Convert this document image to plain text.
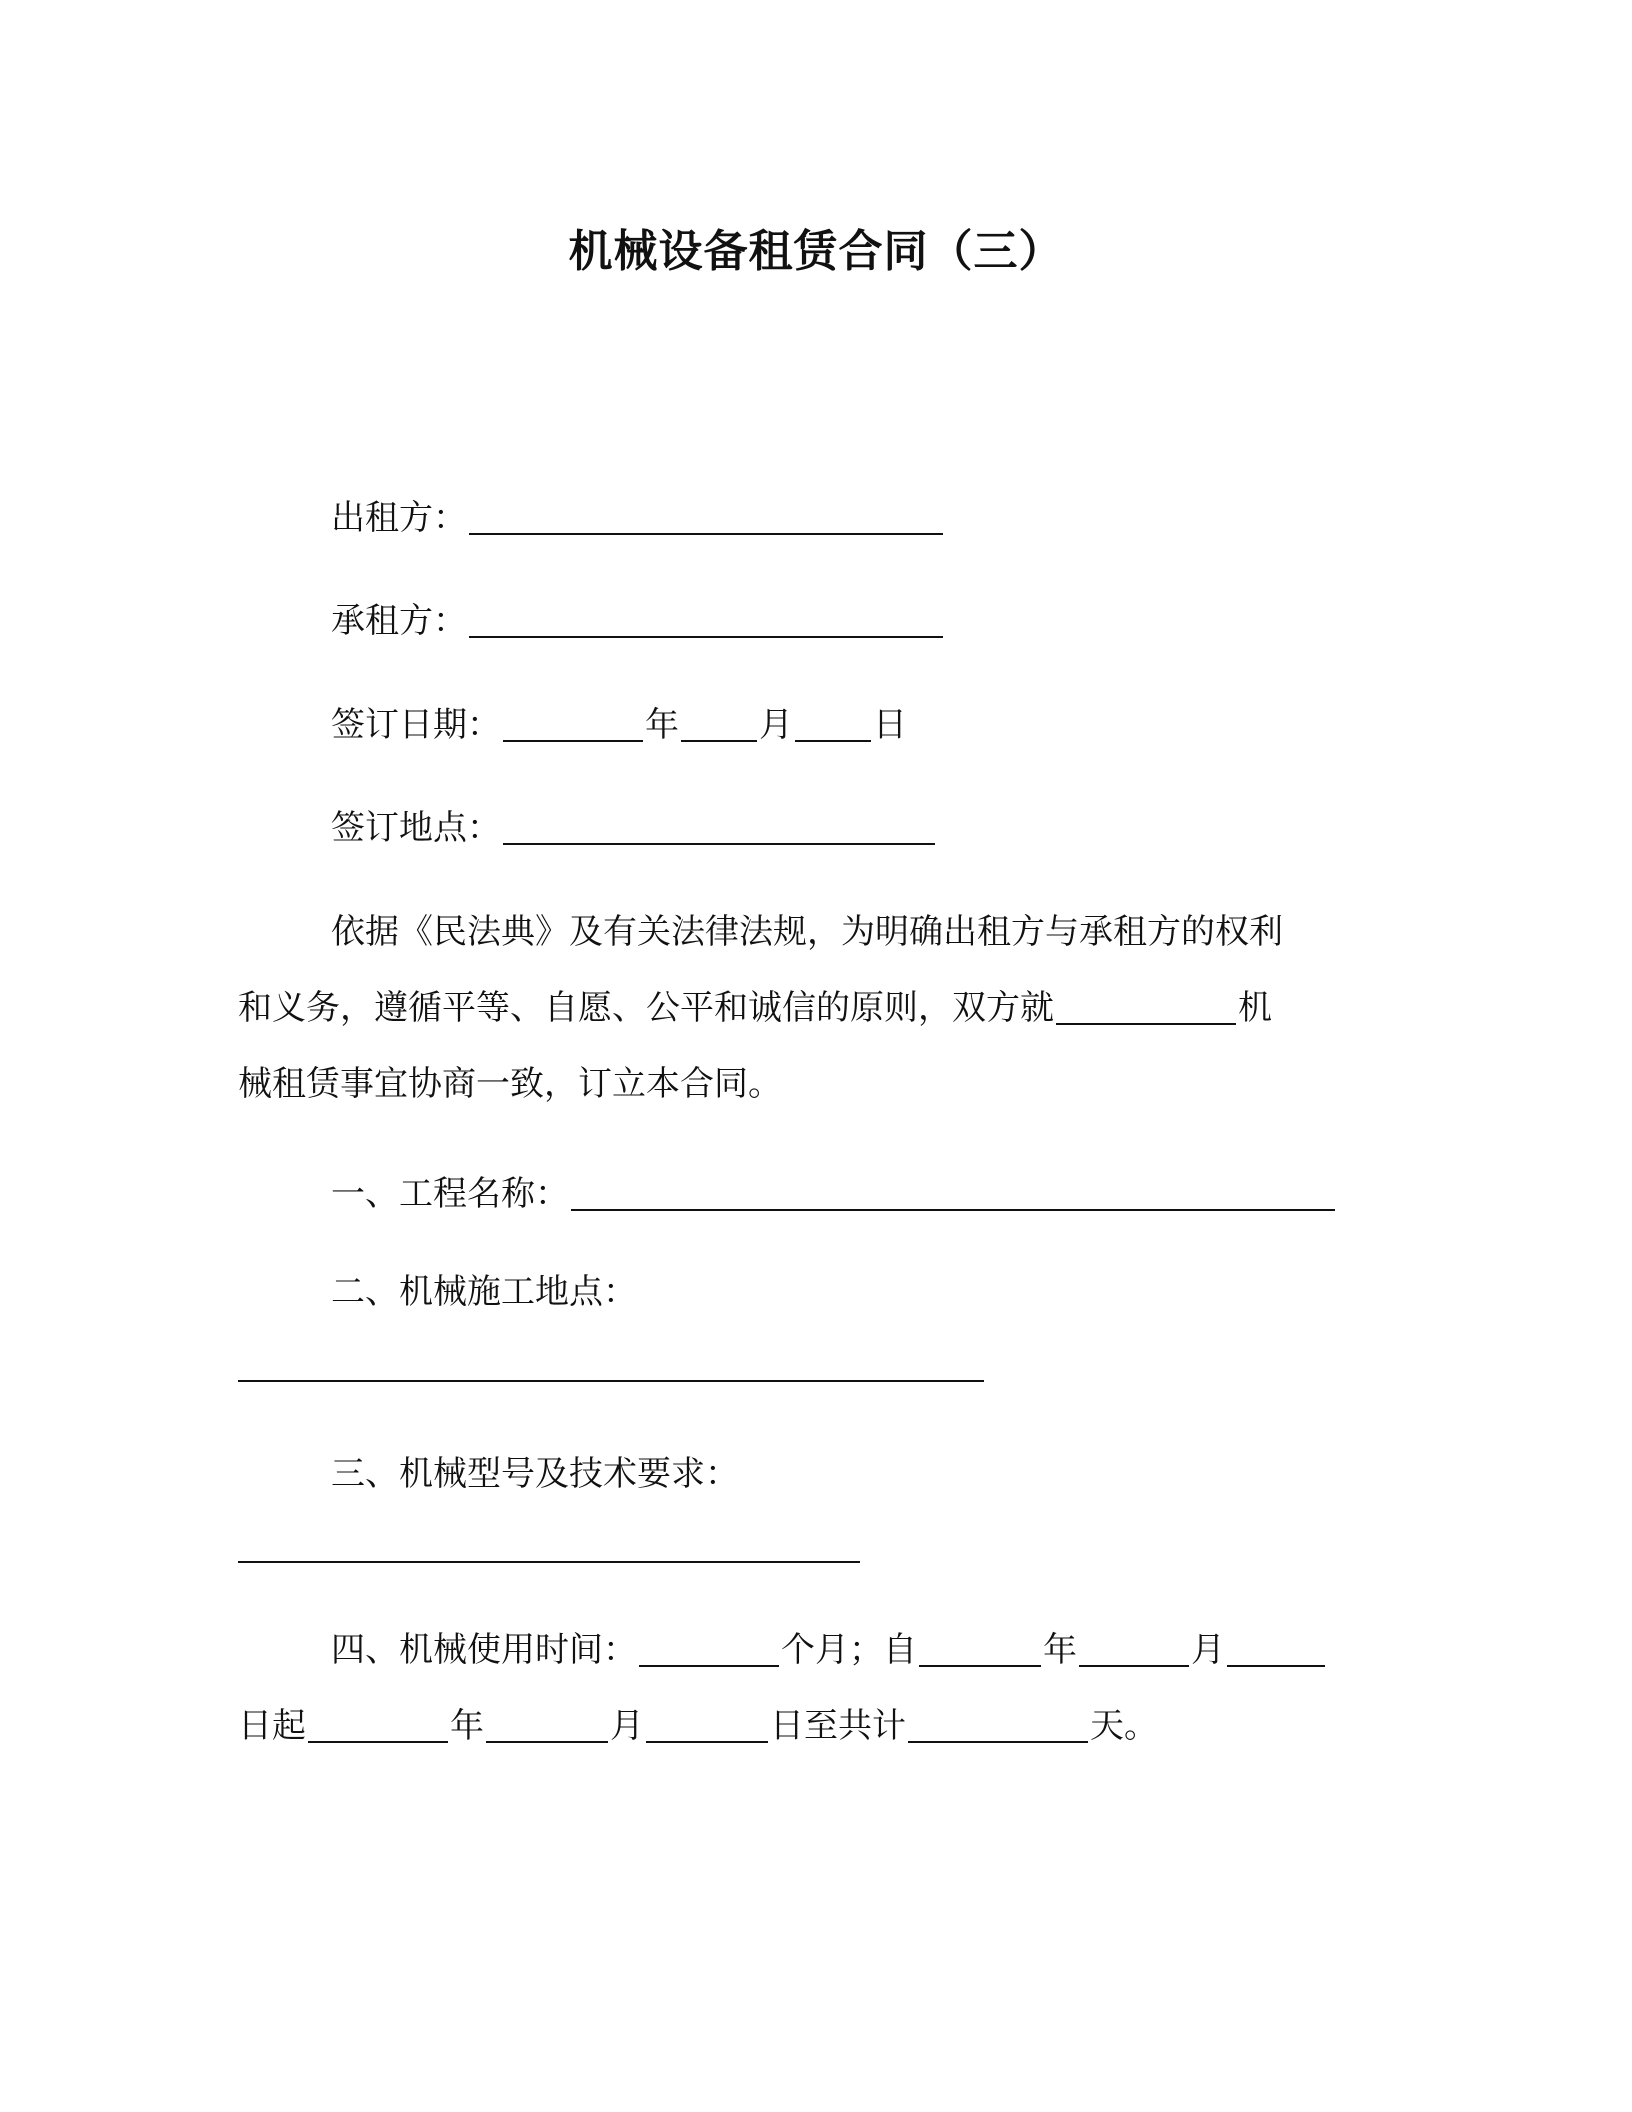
机械设备租赁合同（三）
出租方：
承租方：
签订日期：	年 月 日
签订地点：
依据《民法典》及有关法律法规，为明确出租方与承租方的权利
和义务，遵循平等、自愿、公平和诚信的原则，双方就	机
械租赁事宜协商一致，订立本合同。
一、工程名称：
二、机械施工地点：
三、机械型号及技术要求：
四、机械使用时间：	个月；自	年	月
日起	年	月	日至共计	天。
